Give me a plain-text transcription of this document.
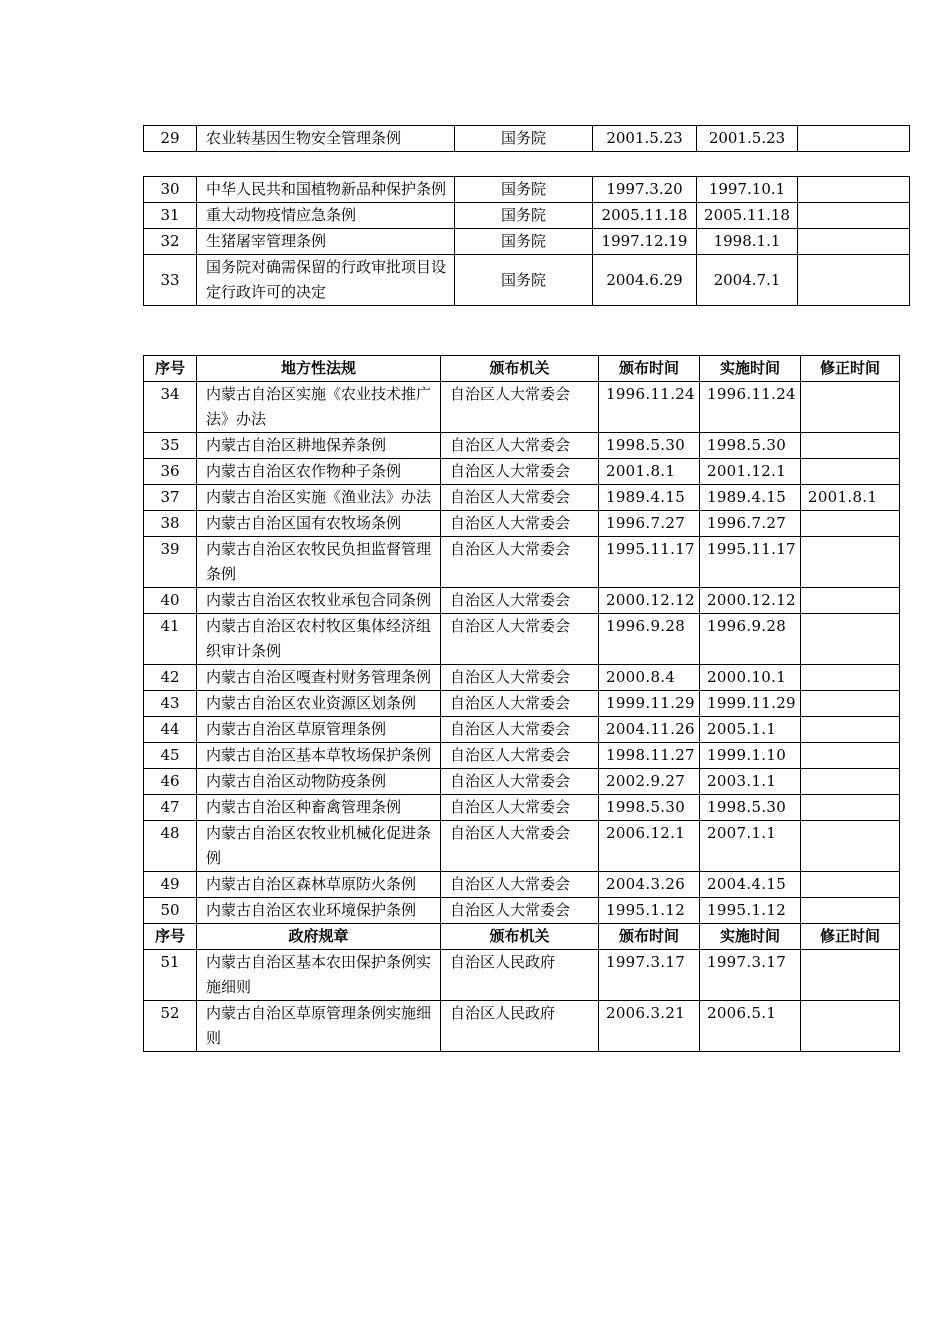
29	农业转基因生物安全管理条例	国务院	2001.5.23	2001.5.23	
30	中华人民共和国植物新品种保护条例	国务院	1997.3.20	1997.10.1	
31	重大动物疫情应急条例	国务院	2005.11.18	2005.11.18	
32	生猪屠宰管理条例	国务院	1997.12.19	1998.1.1	
33	国务院对确需保留的行政审批项目设定行政许可的决定	国务院	2004.6.29	2004.7.1	
序号	地方性法规	颁布机关	颁布时间	实施时间	修正时间
34	内蒙古自治区实施《农业技术推广法》办法	自治区人大常委会	1996.11.24	1996.11.24	
35	内蒙古自治区耕地保养条例	自治区人大常委会	1998.5.30	1998.5.30	
36	内蒙古自治区农作物种子条例	自治区人大常委会	2001.8.1	2001.12.1	
37	内蒙古自治区实施《渔业法》办法	自治区人大常委会	1989.4.15	1989.4.15	2001.8.1
38	内蒙古自治区国有农牧场条例	自治区人大常委会	1996.7.27	1996.7.27	
39	内蒙古自治区农牧民负担监督管理条例	自治区人大常委会	1995.11.17	1995.11.17	
40	内蒙古自治区农牧业承包合同条例	自治区人大常委会	2000.12.12	2000.12.12	
41	内蒙古自治区农村牧区集体经济组织审计条例	自治区人大常委会	1996.9.28	1996.9.28	
42	内蒙古自治区嘎查村财务管理条例	自治区人大常委会	2000.8.4	2000.10.1	
43	内蒙古自治区农业资源区划条例	自治区人大常委会	1999.11.29	1999.11.29	
44	内蒙古自治区草原管理条例	自治区人大常委会	2004.11.26	2005.1.1	
45	内蒙古自治区基本草牧场保护条例	自治区人大常委会	1998.11.27	1999.1.10	
46	内蒙古自治区动物防疫条例	自治区人大常委会	2002.9.27	2003.1.1	
47	内蒙古自治区种畜禽管理条例	自治区人大常委会	1998.5.30	1998.5.30	
48	内蒙古自治区农牧业机械化促进条例	自治区人大常委会	2006.12.1	2007.1.1	
49	内蒙古自治区森林草原防火条例	自治区人大常委会	2004.3.26	2004.4.15	
50	内蒙古自治区农业环境保护条例	自治区人大常委会	1995.1.12	1995.1.12	
序号	政府规章	颁布机关	颁布时间	实施时间	修正时间
51	内蒙古自治区基本农田保护条例实施细则	自治区人民政府	1997.3.17	1997.3.17	
52	内蒙古自治区草原管理条例实施细则	自治区人民政府	2006.3.21	2006.5.1	
